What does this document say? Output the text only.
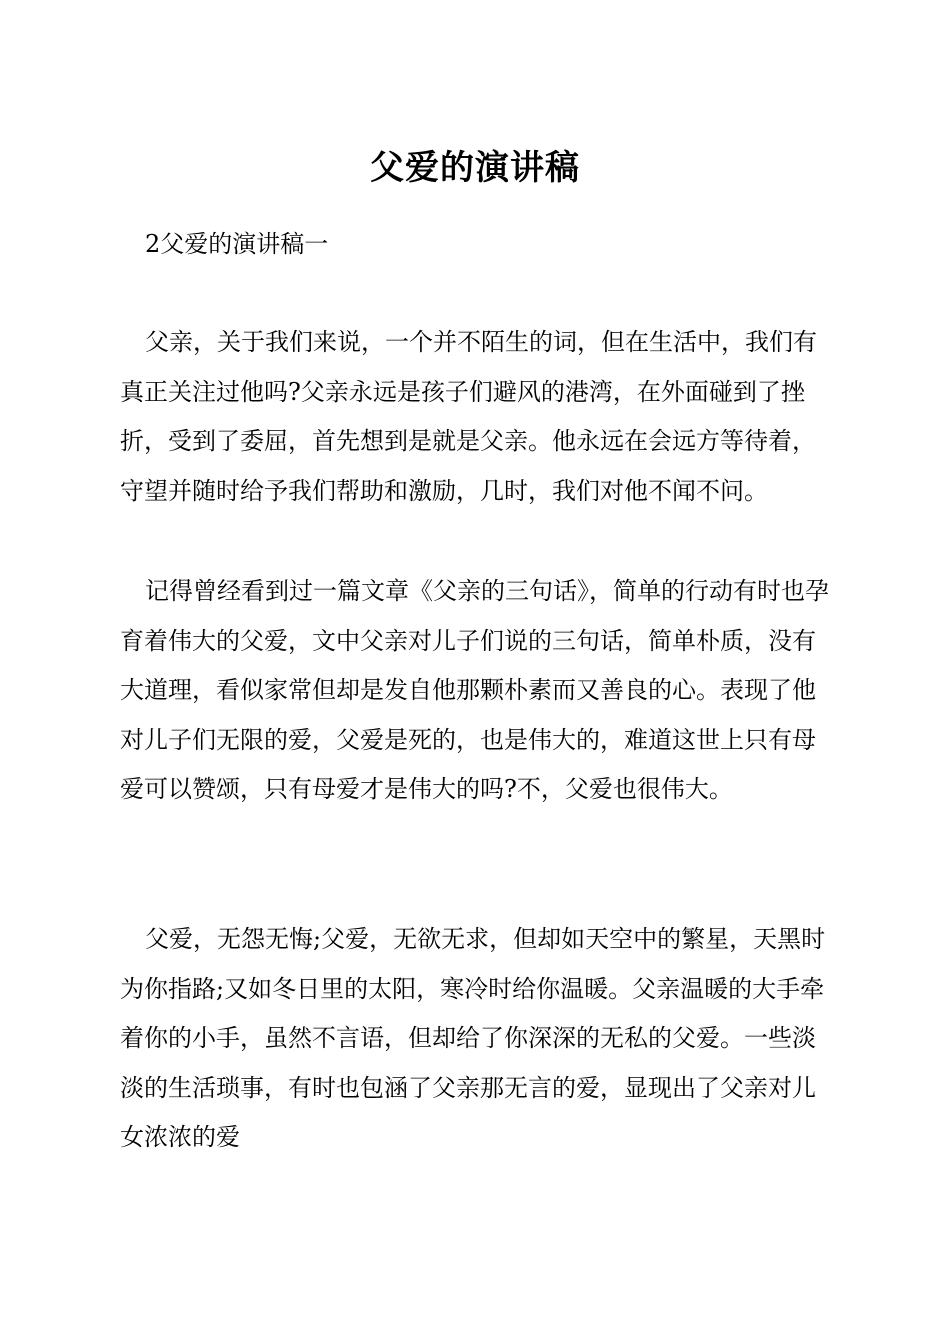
父爱的演讲稿
2父爱的演讲稿一

父亲，关于我们来说，一个并不陌生的词，但在生活中，我们有真正关注过他吗?父亲永远是孩子们避风的港湾，在外面碰到了挫折，受到了委屈，首先想到是就是父亲。他永远在会远方等待着，守望并随时给予我们帮助和激励，几时，我们对他不闻不问。

记得曾经看到过一篇文章《父亲的三句话》，简单的行动有时也孕育着伟大的父爱，文中父亲对儿子们说的三句话，简单朴质，没有大道理，看似家常但却是发自他那颗朴素而又善良的心。表现了他对儿子们无限的爱，父爱是死的，也是伟大的，难道这世上只有母爱可以赞颂，只有母爱才是伟大的吗?不，父爱也很伟大。

父爱，无怨无悔;父爱，无欲无求，但却如天空中的繁星，天黑时为你指路;又如冬日里的太阳，寒冷时给你温暖。父亲温暖的大手牵着你的小手，虽然不言语，但却给了你深深的无私的父爱。一些淡淡的生活琐事，有时也包涵了父亲那无言的爱，显现出了父亲对儿女浓浓的爱
